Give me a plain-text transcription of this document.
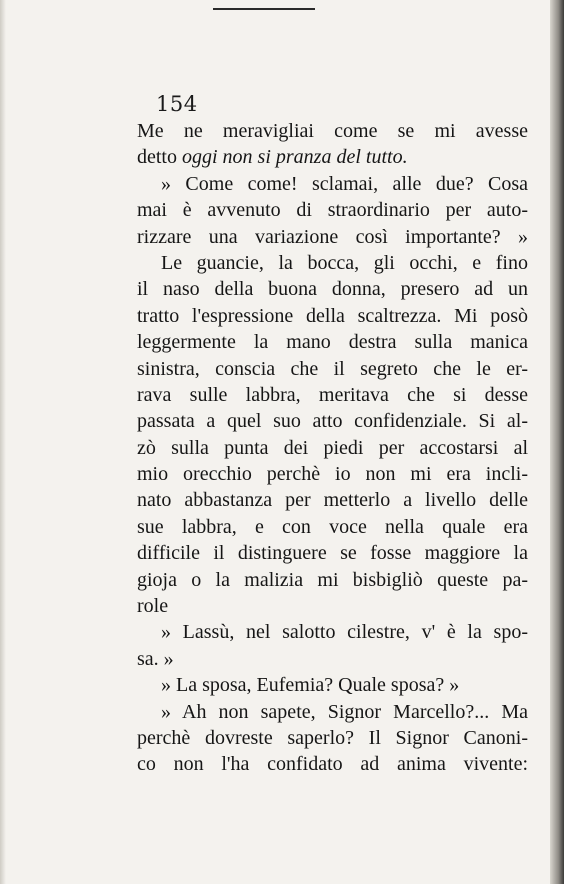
154
Me ne meravigliai come se mi avesse
detto oggi non si pranza del tutto.
» Come come! sclamai, alle due? Cosa
mai è avvenuto di straordinario per auto-
rizzare una variazione così importante? »
Le guancie, la bocca, gli occhi, e fino
il naso della buona donna, presero ad un
tratto l'espressione della scaltrezza. Mi posò
leggermente la mano destra sulla manica
sinistra, conscia che il segreto che le er-
rava sulle labbra, meritava che si desse
passata a quel suo atto confidenziale. Si al-
zò sulla punta dei piedi per accostarsi al
mio orecchio perchè io non mi era incli-
nato abbastanza per metterlo a livello delle
sue labbra, e con voce nella quale era
difficile il distinguere se fosse maggiore la
gioja o la malizia mi bisbigliò queste pa-
role
» Lassù, nel salotto cilestre, v' è la spo-
sa. »
» La sposa, Eufemia? Quale sposa? »
» Ah non sapete, Signor Marcello?... Ma
perchè dovreste saperlo? Il Signor Canoni-
co non l'ha confidato ad anima vivente:
